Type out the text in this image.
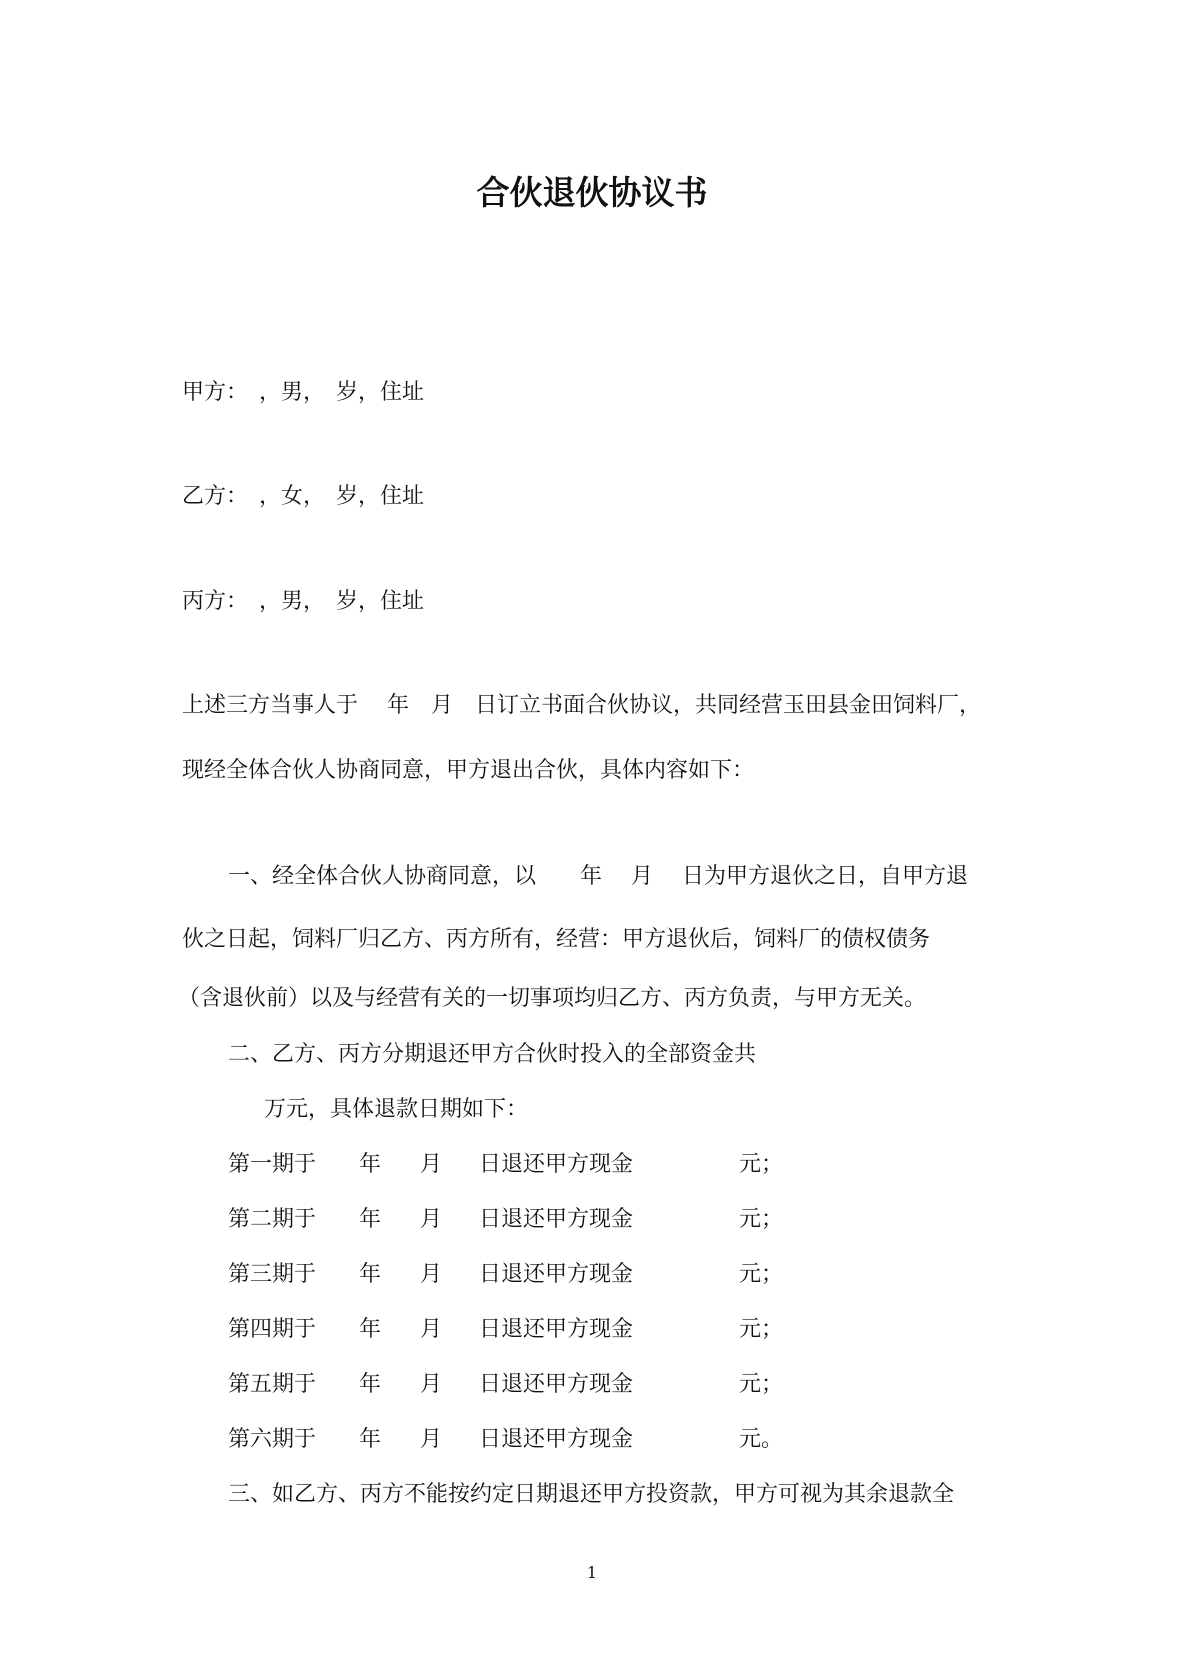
合伙退伙协议书
甲方：　，男，　岁，住址
乙方：　，女，　岁，住址
丙方：　，男，　岁，住址
上述三方当事人于　 年　月　日订立书面合伙协议，共同经营玉田县金田饲料厂，
现经全体合伙人协商同意，甲方退出合伙，具体内容如下：
一、经全体合伙人协商同意，以　　年　 月　 日为甲方退伙之日，自甲方退
伙之日起，饲料厂归乙方、丙方所有，经营：甲方退伙后，饲料厂的债权债务
（含退伙前）以及与经营有关的一切事项均归乙方、丙方负责，与甲方无关。
二、乙方、丙方分期退还甲方合伙时投入的全部资金共
万元，具体退款日期如下：
第一期于 年 月 日退还甲方现金	元；
第二期于 年 月 日退还甲方现金	元；
第三期于 年 月 日退还甲方现金	元；
第四期于 年 月 日退还甲方现金	元；
第五期于 年 月 日退还甲方现金	元；
第六期于 年 月 日退还甲方现金	元。
三、如乙方、丙方不能按约定日期退还甲方投资款，甲方可视为其余退款全
1
